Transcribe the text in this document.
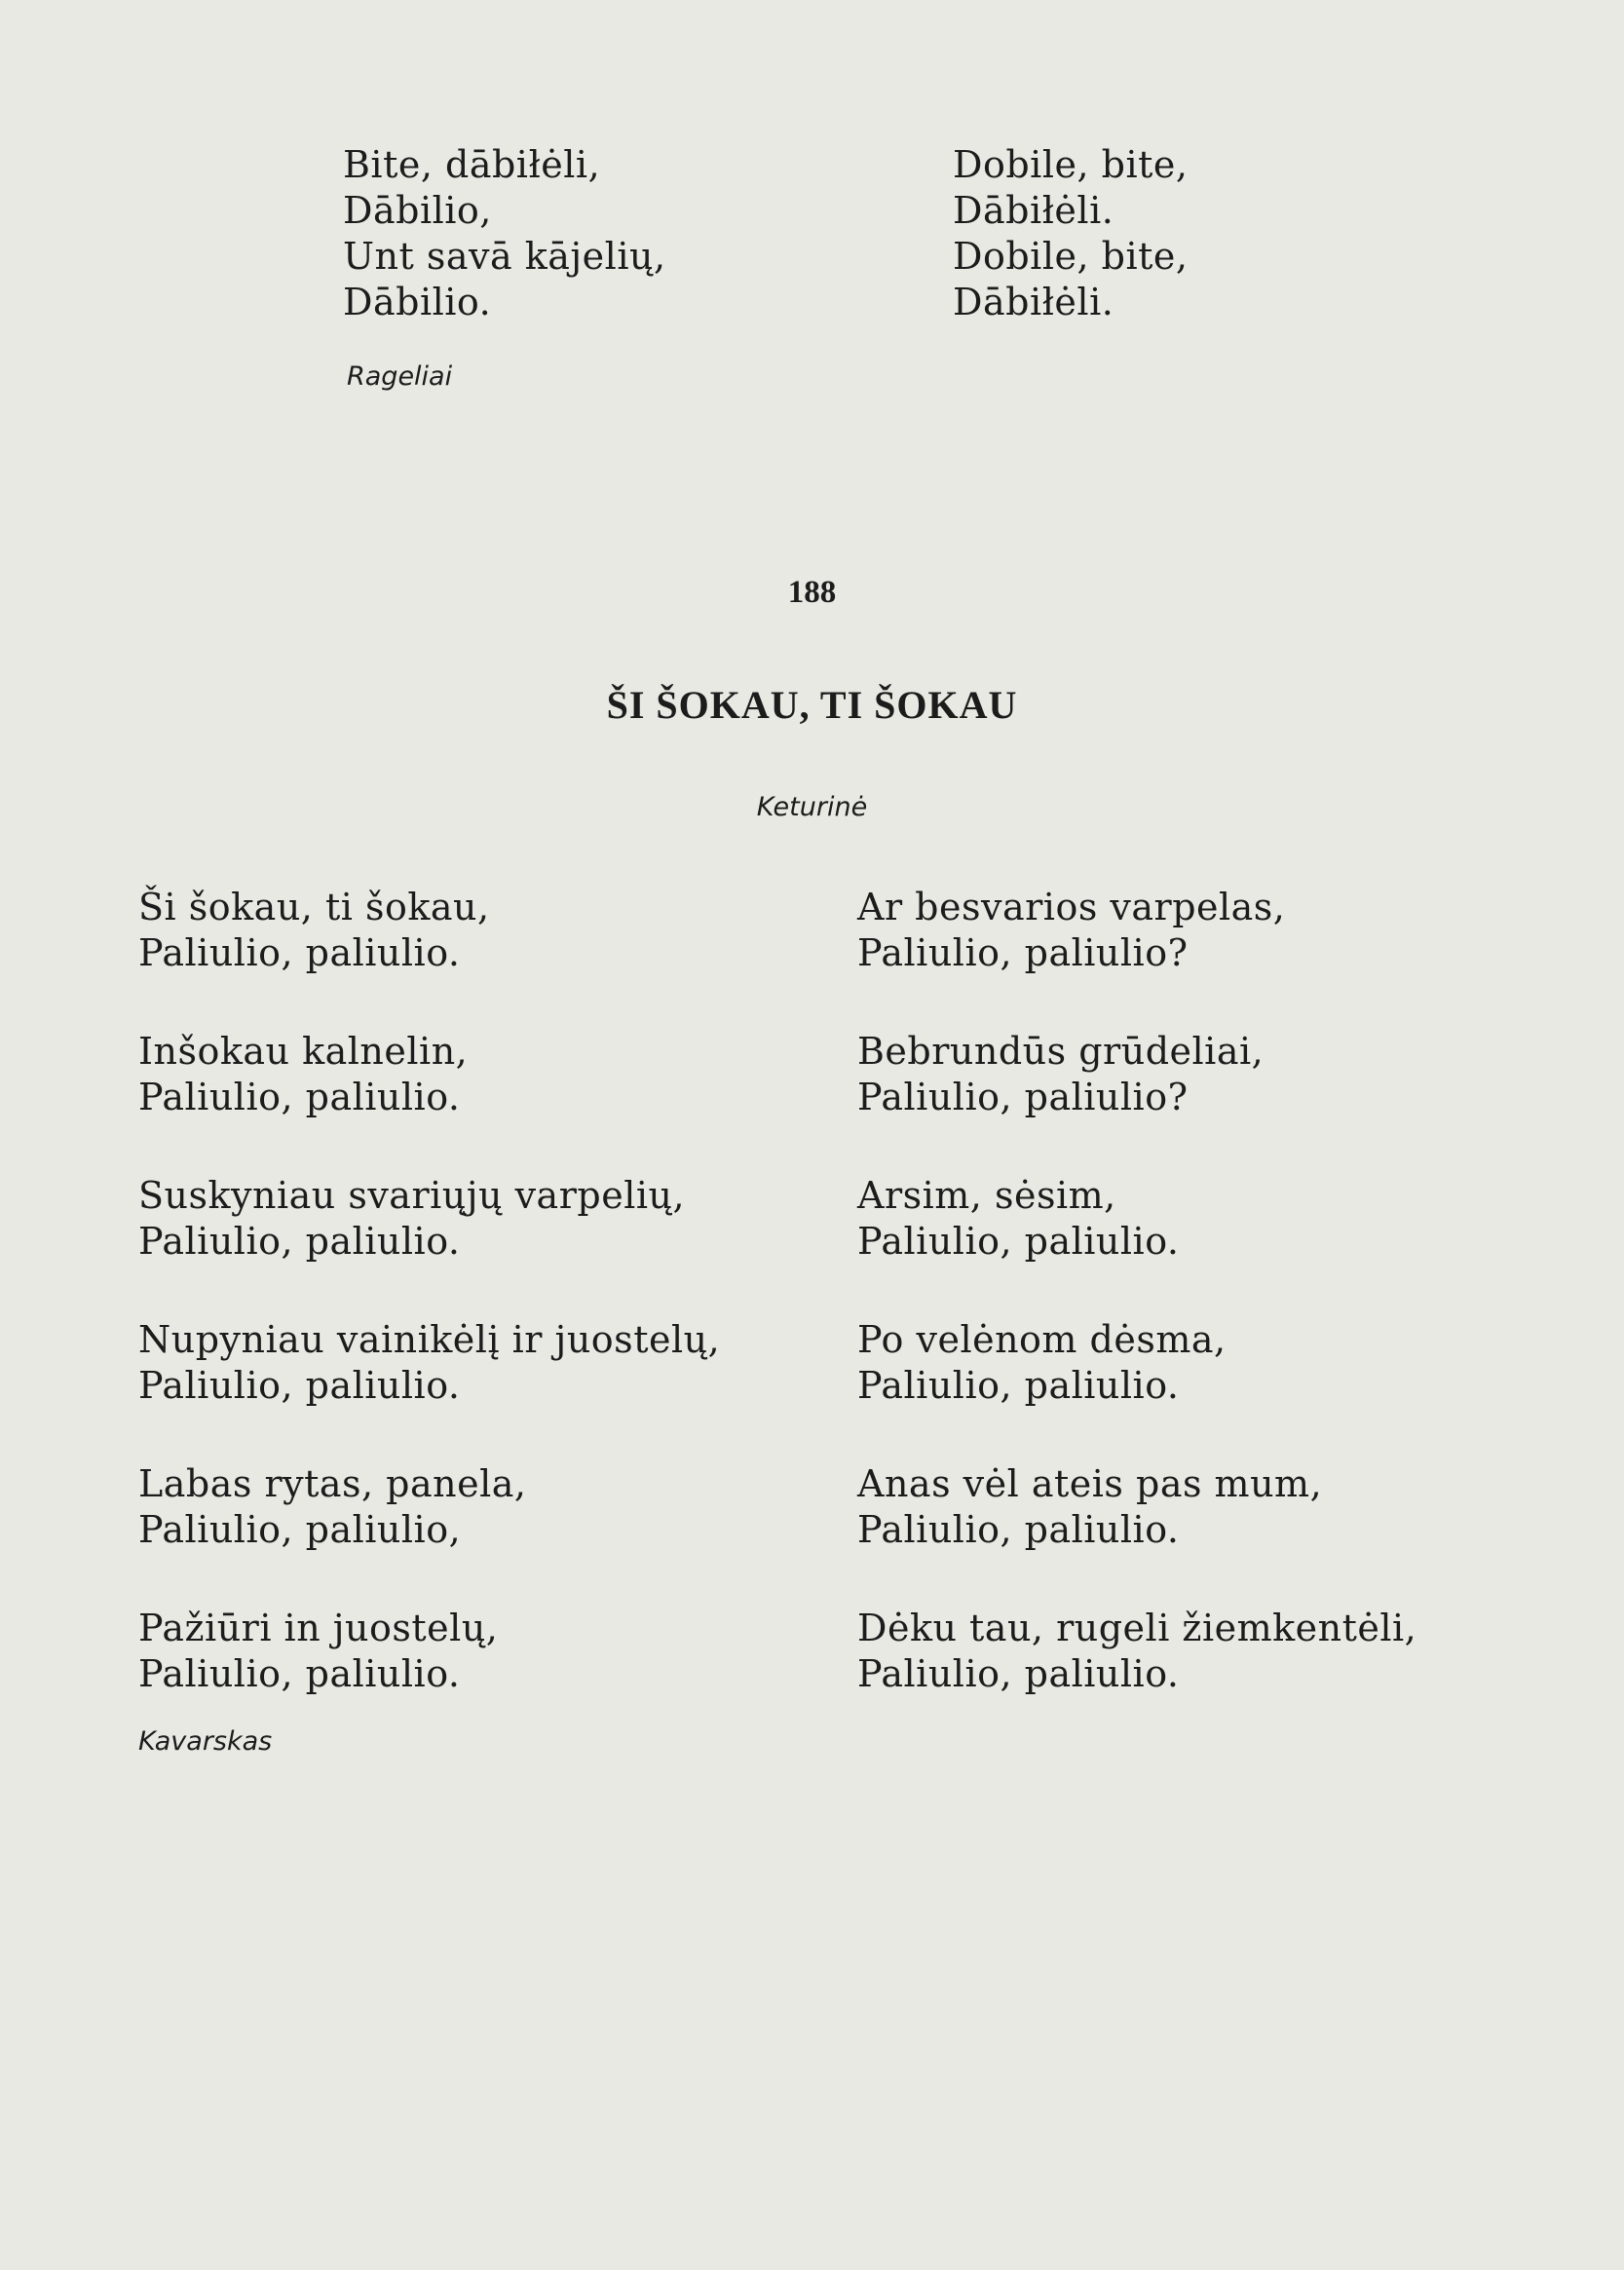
Bite, dābiłėli,
Dābilio,
Unt savā kājelių,
Dābilio.
Dobile, bite,
Dābiłėli.
Dobile, bite,
Dābiłėli.
Rageliai
188
ŠI ŠOKAU, TI ŠOKAU
Keturinė
Ši šokau, ti šokau,
Paliulio, paliulio.
Inšokau kalnelin,
Paliulio, paliulio.
Suskyniau svariųjų varpelių,
Paliulio, paliulio.
Nupyniau vainikėlį ir juostelų,
Paliulio, paliulio.
Labas rytas, panela,
Paliulio, paliulio,
Pažiūri in juostelų,
Paliulio, paliulio.
Kavarskas
Ar besvarios varpelas,
Paliulio, paliulio?
Bebrundūs grūdeliai,
Paliulio, paliulio?
Arsim, sėsim,
Paliulio, paliulio.
Po velėnom dėsma,
Paliulio, paliulio.
Anas vėl ateis pas mum,
Paliulio, paliulio.
Dėku tau, rugeli žiemkentėli,
Paliulio, paliulio.
